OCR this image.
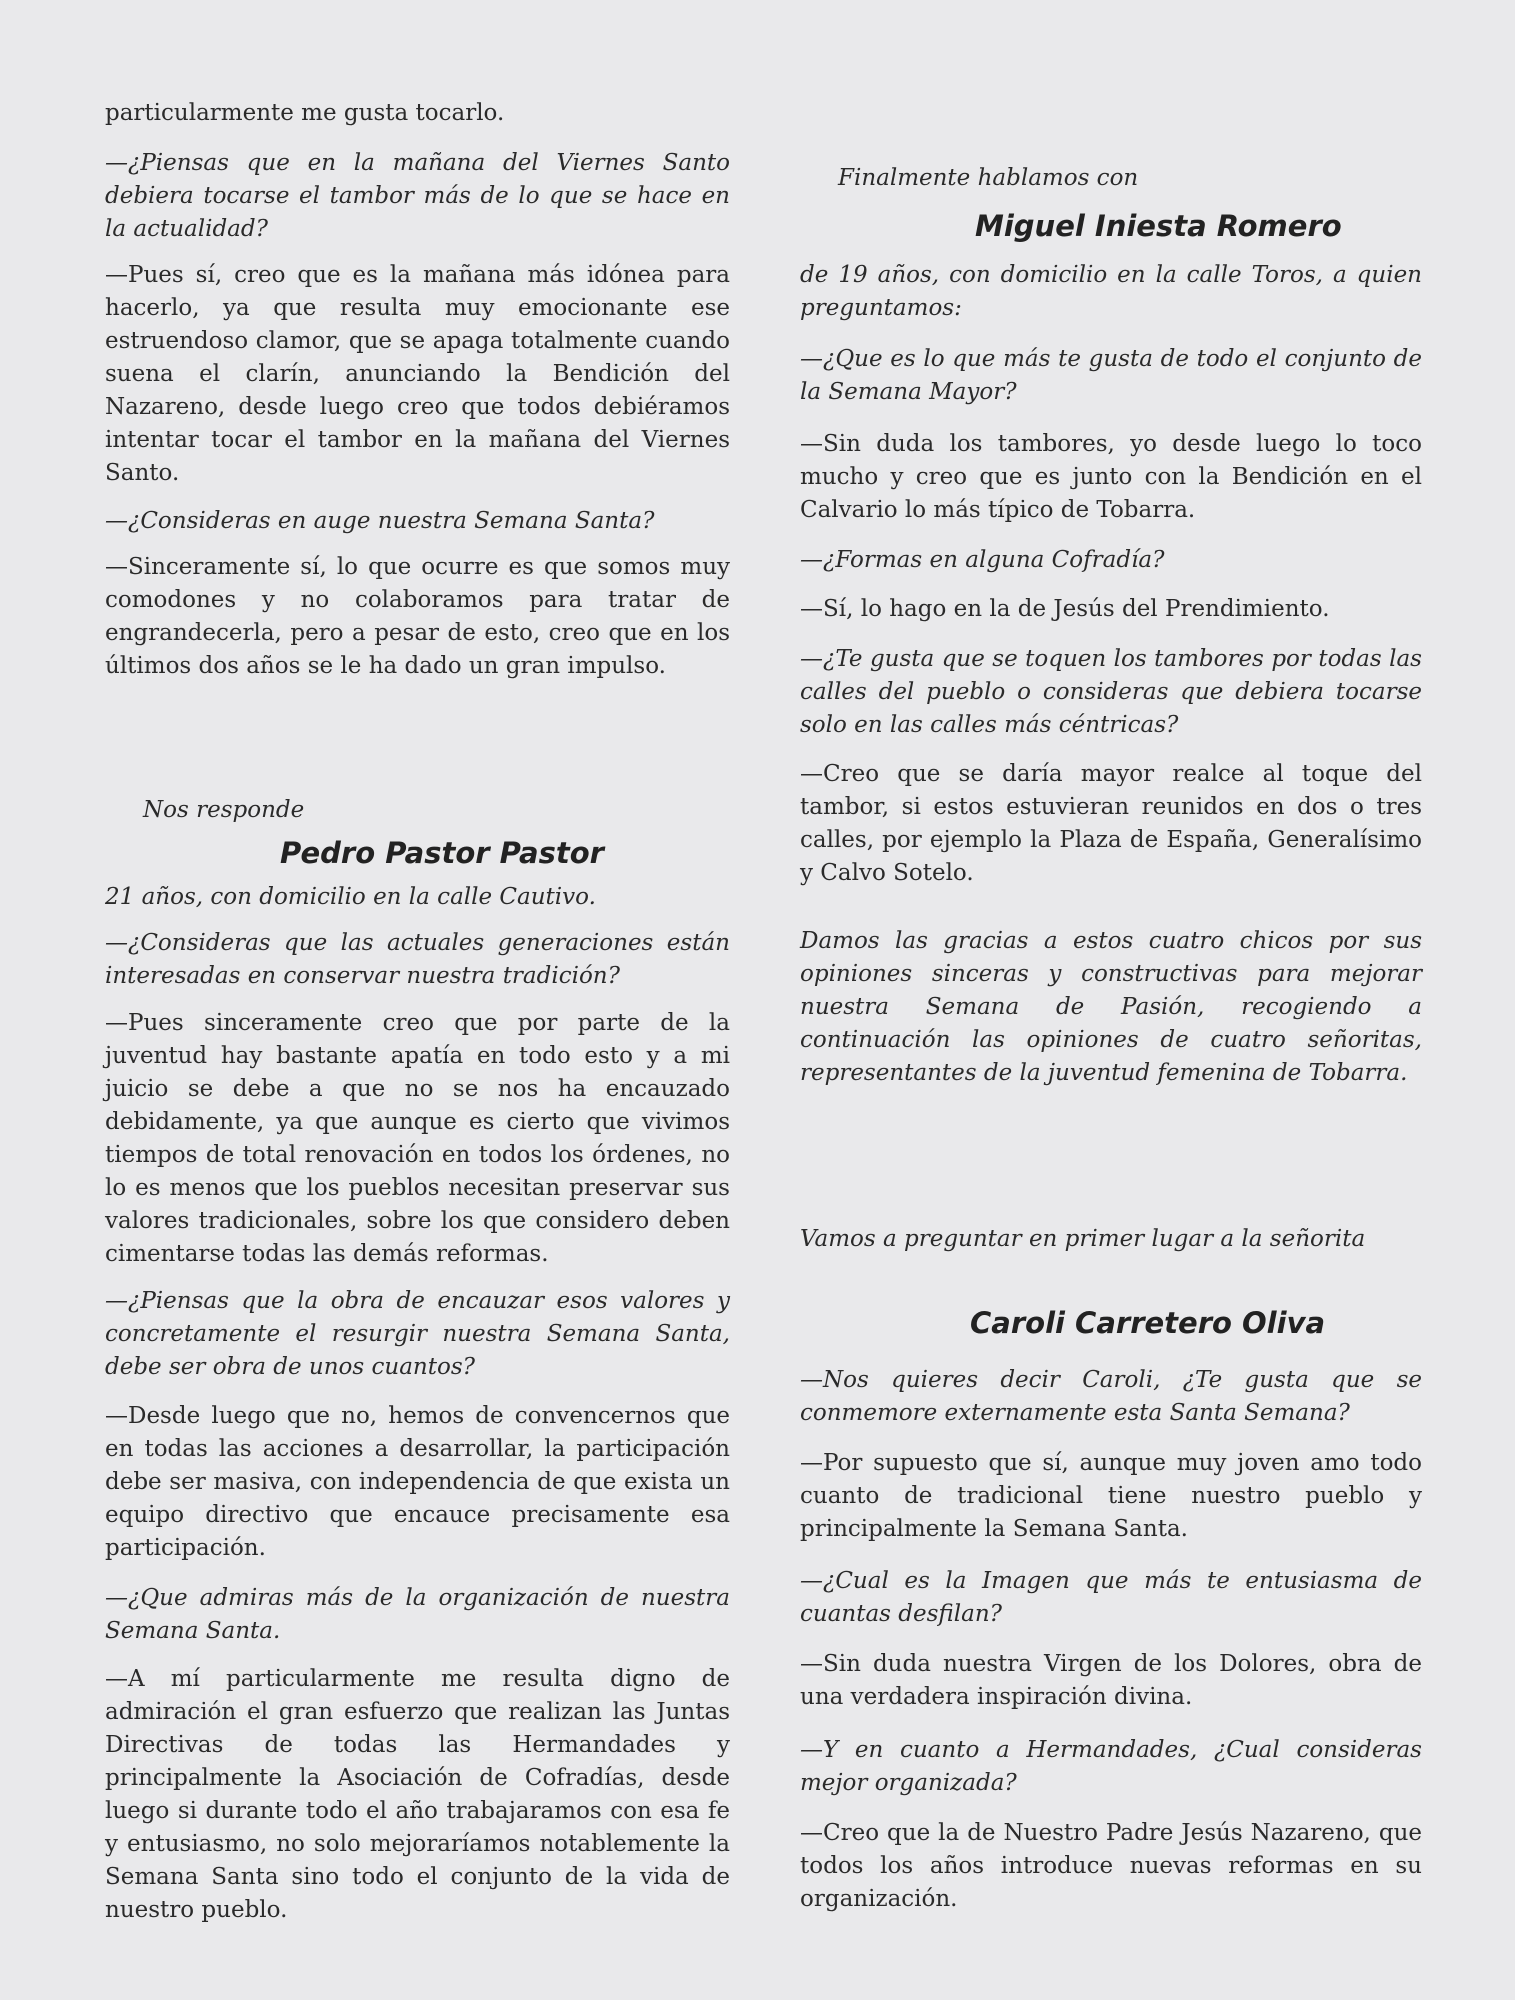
particularmente me gusta tocarlo.

—¿Piensas que en la mañana del Viernes Santo debiera tocarse el tambor más de lo que se hace en la actualidad?

—Pues sí, creo que es la mañana más idónea para hacerlo, ya que resulta muy emocionante ese estruendoso clamor, que se apaga totalmente cuando suena el clarín, anunciando la Bendición del Nazareno, desde luego creo que todos debiéramos intentar tocar el tambor en la mañana del Viernes Santo.

—¿Consideras en auge nuestra Semana Santa?

—Sinceramente sí, lo que ocurre es que somos muy comodones y no colaboramos para tratar de engrandecerla, pero a pesar de esto, creo que en los últimos dos años se le ha dado un gran impulso.

Nos responde

Pedro Pastor Pastor

21 años, con domicilio en la calle Cautivo.

—¿Consideras que las actuales generaciones están interesadas en conservar nuestra tradición?

—Pues sinceramente creo que por parte de la juventud hay bastante apatía en todo esto y a mi juicio se debe a que no se nos ha encauzado debidamente, ya que aunque es cierto que vivimos tiempos de total renovación en todos los órdenes, no lo es menos que los pueblos necesitan preservar sus valores tradicionales, sobre los que considero deben cimentarse todas las demás reformas.

—¿Piensas que la obra de encauzar esos valores y concretamente el resurgir nuestra Semana Santa, debe ser obra de unos cuantos?

—Desde luego que no, hemos de convencernos que en todas las acciones a desarrollar, la participación debe ser masiva, con independencia de que exista un equipo directivo que encauce precisamente esa participación.

—¿Que admiras más de la organización de nuestra Semana Santa.

—A mí particularmente me resulta digno de admiración el gran esfuerzo que realizan las Juntas Directivas de todas las Hermandades y principalmente la Asociación de Cofradías, desde luego si durante todo el año trabajaramos con esa fe y entusiasmo, no solo mejoraríamos notablemente la Semana Santa sino todo el conjunto de la vida de nuestro pueblo.

Finalmente hablamos con

Miguel Iniesta Romero

de 19 años, con domicilio en la calle Toros, a quien preguntamos:

—¿Que es lo que más te gusta de todo el conjunto de la Semana Mayor?

—Sin duda los tambores, yo desde luego lo toco mucho y creo que es junto con la Bendición en el Calvario lo más típico de Tobarra.

—¿Formas en alguna Cofradía?

—Sí, lo hago en la de Jesús del Prendimiento.

—¿Te gusta que se toquen los tambores por todas las calles del pueblo o consideras que debiera tocarse solo en las calles más céntricas?

—Creo que se daría mayor realce al toque del tambor, si estos estuvieran reunidos en dos o tres calles, por ejemplo la Plaza de España, Generalísimo y Calvo Sotelo.

Damos las gracias a estos cuatro chicos por sus opiniones sinceras y constructivas para mejorar nuestra Semana de Pasión, recogiendo a continuación las opiniones de cuatro señoritas, representantes de la juventud femenina de Tobarra.

Vamos a preguntar en primer lugar a la señorita

Caroli Carretero Oliva

—Nos quieres decir Caroli, ¿Te gusta que se conmemore externamente esta Santa Semana?

—Por supuesto que sí, aunque muy joven amo todo cuanto de tradicional tiene nuestro pueblo y principalmente la Semana Santa.

—¿Cual es la Imagen que más te entusiasma de cuantas desfilan?

—Sin duda nuestra Virgen de los Dolores, obra de una verdadera inspiración divina.

—Y en cuanto a Hermandades, ¿Cual consideras mejor organizada?

—Creo que la de Nuestro Padre Jesús Nazareno, que todos los años introduce nuevas reformas en su organización.
